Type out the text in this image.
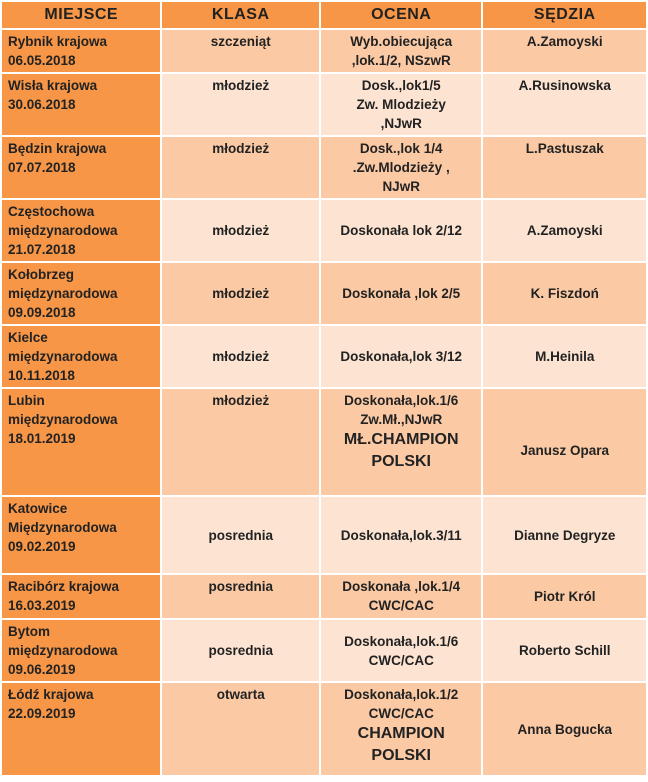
MIEJSCE	KLASA	OCENA	SĘDZIA

Rybnik krajowa
06.05.2018	szczeniąt	Wyb.obiecująca
,lok.1/2, NSzwR	A.Zamoyski

Wisła krajowa
30.06.2018	młodzież	Dosk.,lok1/5
Zw. Mlodzieży
,NJwR	A.Rusinowska

Będzin krajowa
07.07.2018	młodzież	Dosk.,lok 1/4
.Zw.Mlodzieży ,
NJwR	L.Pastuszak

Częstochowa
międzynarodowa
21.07.2018	młodzież	Doskonała lok 2/12	A.Zamoyski

Kołobrzeg
międzynarodowa
09.09.2018	młodzież	Doskonała ,lok 2/5	K. Fiszdoń

Kielce
międzynarodowa
10.11.2018	młodzież	Doskonała,lok 3/12	M.Heinila

Lubin
międzynarodowa
18.01.2019	młodzież	Doskonała,lok.1/6
Zw.Mł.,NJwR
MŁ.CHAMPION
POLSKI	Janusz Opara

Katowice
Międzynarodowa
09.02.2019	posrednia	Doskonała,lok.3/11	Dianne Degryze

Racibórz krajowa
16.03.2019	posrednia	Doskonała ,lok.1/4
CWC/CAC	Piotr Król

Bytom
międzynarodowa
09.06.2019	posrednia	Doskonała,lok.1/6
CWC/CAC	Roberto Schill

Łódź krajowa
22.09.2019	otwarta	Doskonała,lok.1/2
CWC/CAC
CHAMPION
POLSKI	Anna Bogucka
